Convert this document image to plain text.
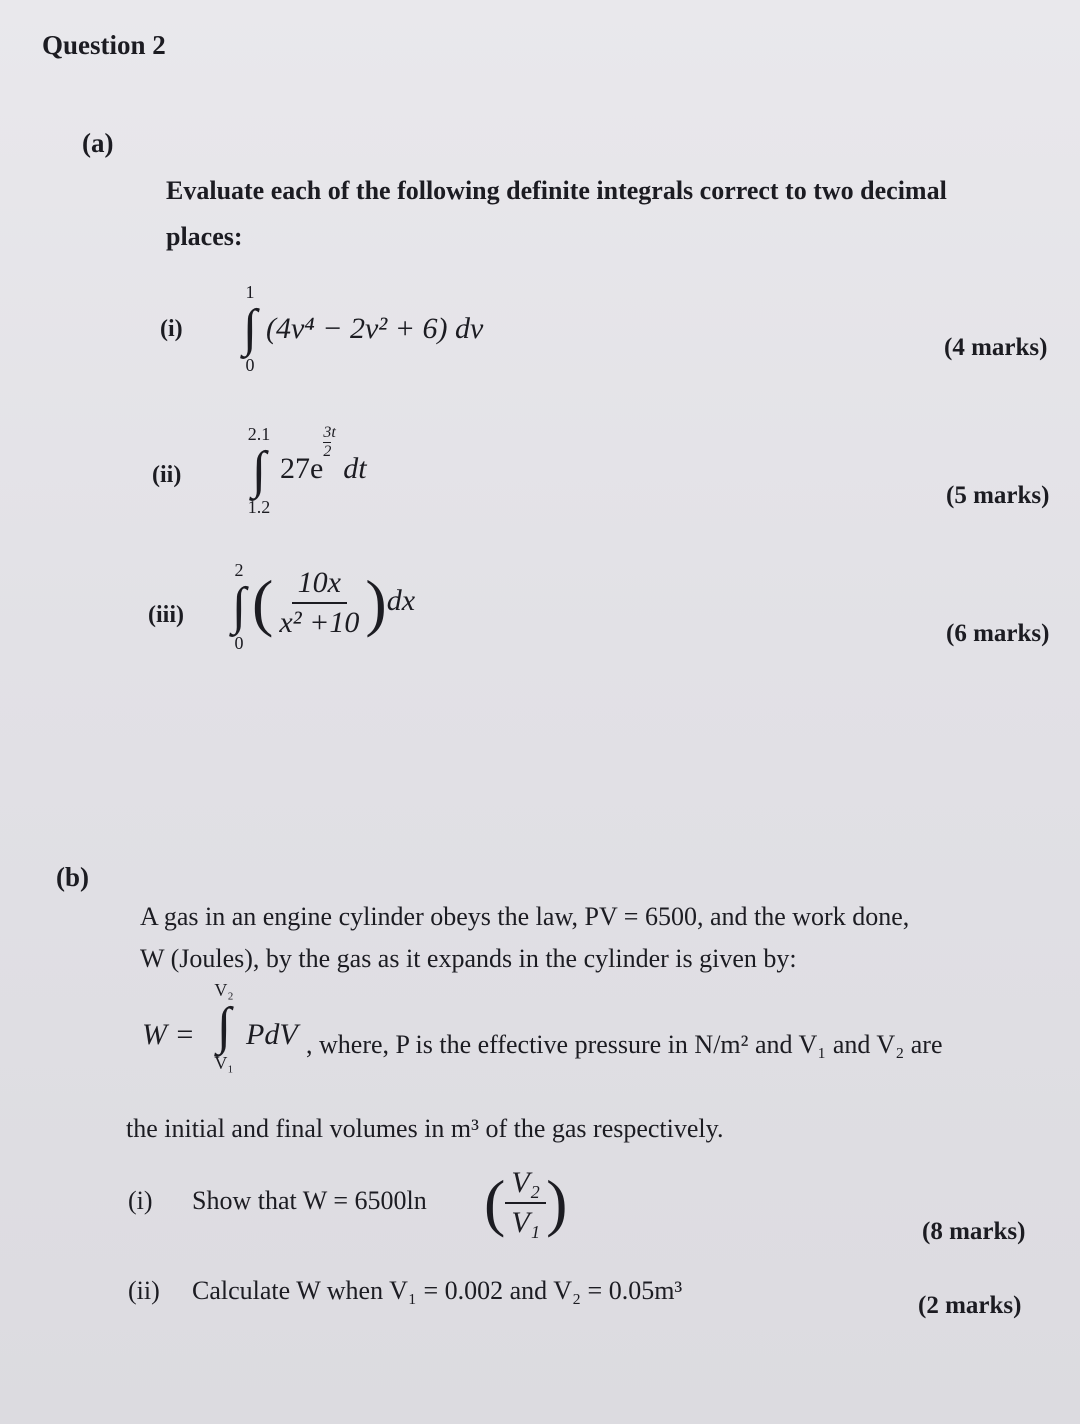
Question 2
(a)
Evaluate each of the following definite integrals correct to two decimal
places:
(i)
1
∫
0
(4v⁴ − 2v² + 6) dv
(4 marks)
(ii)
2.1
∫
1.2
27e
$\frac{3}{2}$ t dt
(5 marks)
(iii)
2
∫
0
( $\frac{10x}{\text{x² +10}} )dx$
(6 marks)
(b)
A gas in an engine cylinder obeys the law, PV = 6500, and the work done,
W (Joules), by the gas as it expands in the cylinder is given by:
W =
V₂
∫
V₁
PdV , where, P is the effective pressure in N/m² and V₁ and V₂ are
the initial and final volumes in m³ of the gas respectively.
(i) Show that W = 6500ln ( $\frac{\text{V₂}}{\text{V₁}}$ )	(8 marks)
(ii) Calculate W when V₁ = 0.002 and V₂ = 0.05m³
(2 marks)
